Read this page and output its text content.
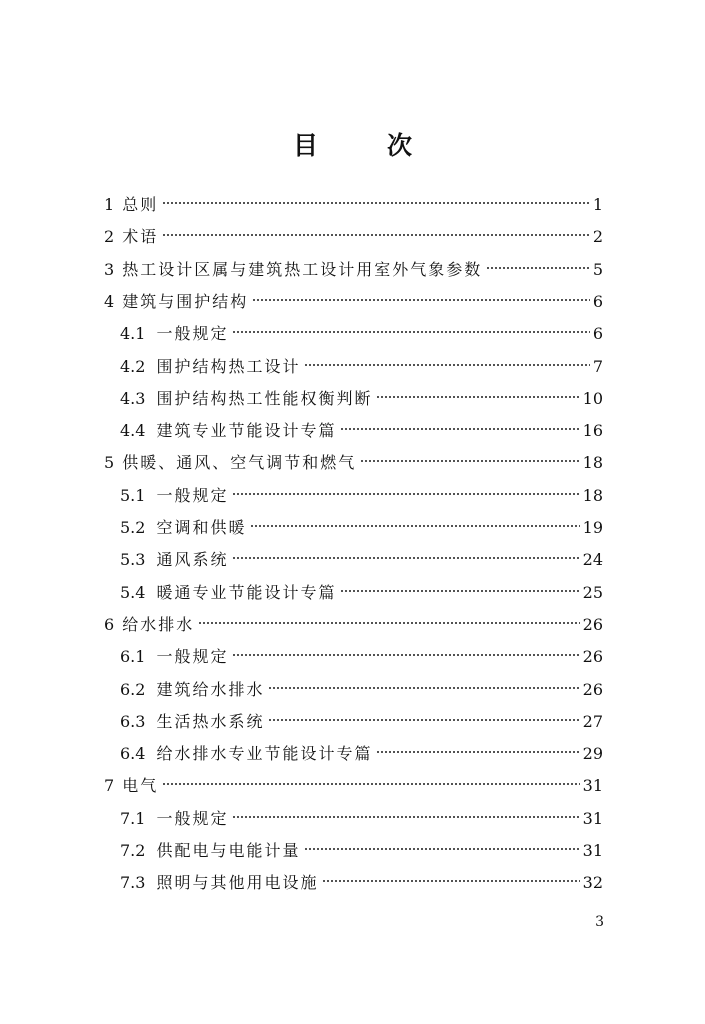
目　次
1 总则	1
2 术语	2
3 热工设计区属与建筑热工设计用室外气象参数	5
4 建筑与围护结构	6
4.1 一般规定	6
4.2 围护结构热工设计	7
4.3 围护结构热工性能权衡判断	10
4.4 建筑专业节能设计专篇	16
5 供暖、通风、空气调节和燃气	18
5.1 一般规定	18
5.2 空调和供暖	19
5.3 通风系统	24
5.4 暖通专业节能设计专篇	25
6 给水排水	26
6.1 一般规定	26
6.2 建筑给水排水	26
6.3 生活热水系统	27
6.4 给水排水专业节能设计专篇	29
7 电气	31
7.1 一般规定	31
7.2 供配电与电能计量	31
7.3 照明与其他用电设施	32
3
